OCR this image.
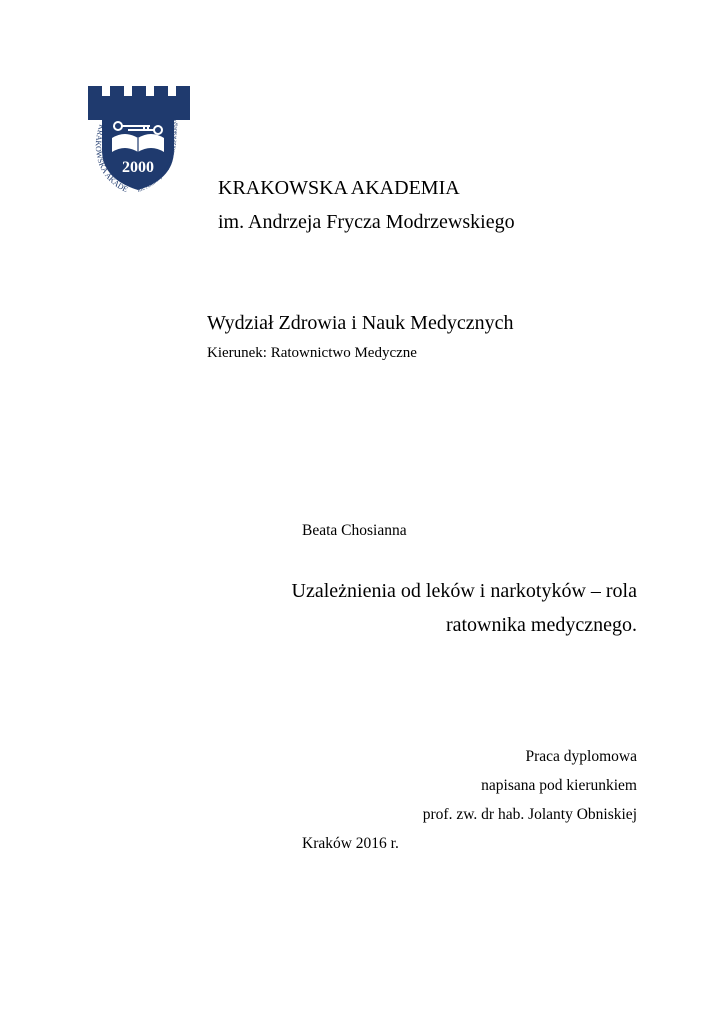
2000
KRAKOWSKA AKADE im. Andrzeja Frycza Modrzewskiego
KRAKOWSKA AKADEMIA
im. Andrzeja Frycza Modrzewskiego
Wydział Zdrowia i Nauk Medycznych
Kierunek: Ratownictwo Medyczne
Beata Chosianna
Uzależnienia od leków i narkotyków – rola
ratownika medycznego.
Praca dyplomowa
napisana pod kierunkiem
prof. zw. dr hab. Jolanty Obniskiej
Kraków 2016 r.
